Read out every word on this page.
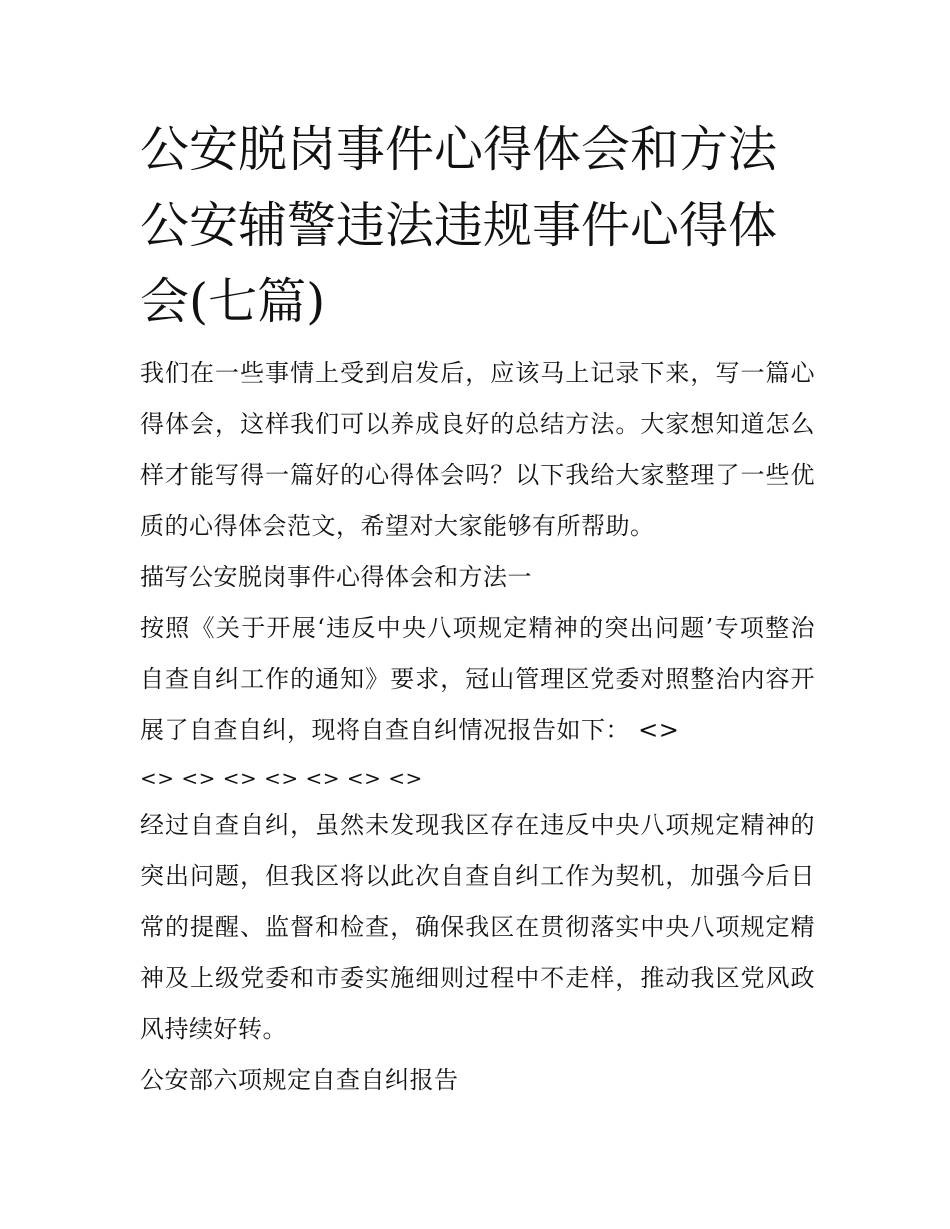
公安脱岗事件心得体会和方法公安辅警违法违规事件心得体会(七篇)

我们在一些事情上受到启发后，应该马上记录下来，写一篇心得体会，这样我们可以养成良好的总结方法。大家想知道怎么样才能写得一篇好的心得体会吗？以下我给大家整理了一些优质的心得体会范文，希望对大家能够有所帮助。

描写公安脱岗事件心得体会和方法一

按照《关于开展‘违反中央八项规定精神的突出问题’专项整治自查自纠工作的通知》要求，冠山管理区党委对照整治内容开展了自查自纠，现将自查自纠情况报告如下： <>

<> <> <> <> <> <> <>

经过自查自纠，虽然未发现我区存在违反中央八项规定精神的突出问题，但我区将以此次自查自纠工作为契机，加强今后日常的提醒、监督和检查，确保我区在贯彻落实中央八项规定精神及上级党委和市委实施细则过程中不走样，推动我区党风政风持续好转。

公安部六项规定自查自纠报告
